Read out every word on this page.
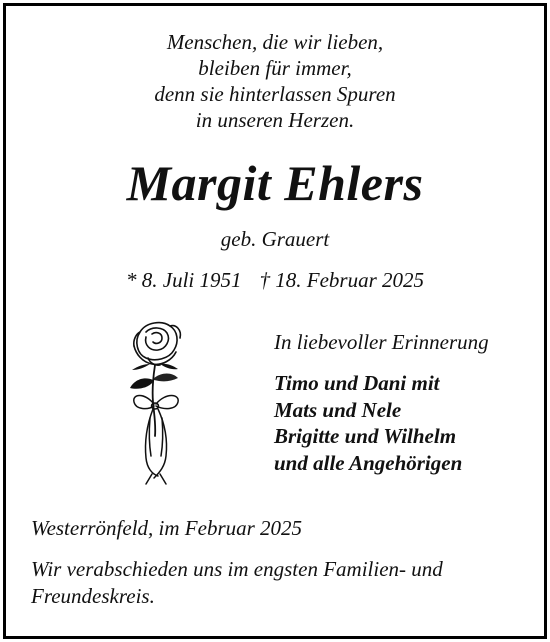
Menschen, die wir lieben,
bleiben für immer,
denn sie hinterlassen Spuren
in unseren Herzen.
Margit Ehlers
geb. Grauert
* 8. Juli 1951 † 18. Februar 2025
In liebevoller Erinnerung
Timo und Dani mit
Mats und Nele
Brigitte und Wilhelm
und alle Angehörigen
Westerrönfeld, im Februar 2025
Wir verabschieden uns im engsten Familien- und Freundeskreis.
